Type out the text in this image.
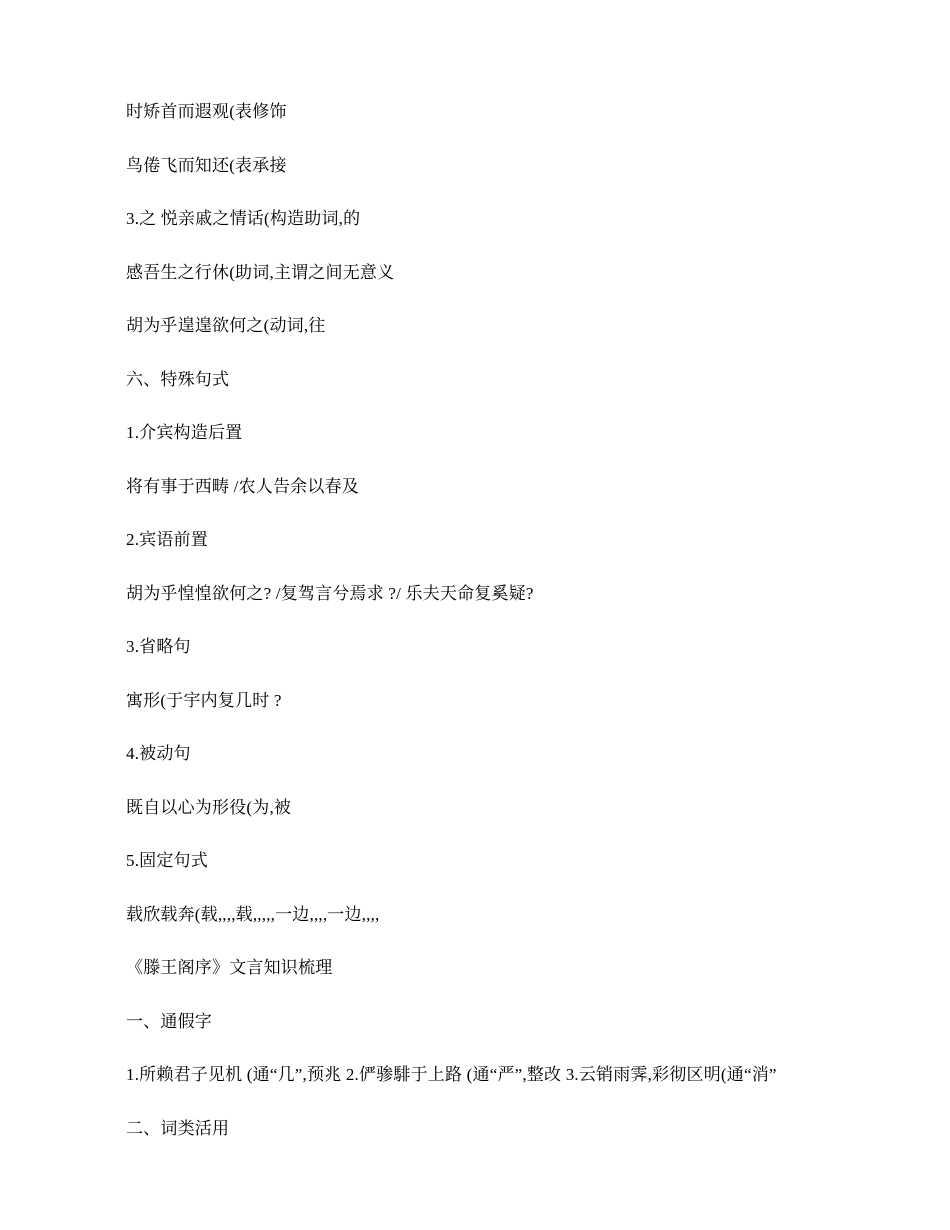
时矫首而遐观(表修饰
鸟倦飞而知还(表承接
3.之 悦亲戚之情话(构造助词,的
感吾生之行休(助词,主谓之间无意义
胡为乎遑遑欲何之(动词,往
六、特殊句式
1.介宾构造后置
将有事于西畴 /农人告余以春及
2.宾语前置
胡为乎惶惶欲何之? /复驾言兮焉求 ?/ 乐夫天命复奚疑?
3.省略句
寓形(于宇内复几时 ?
4.被动句
既自以心为形役(为,被
5.固定句式
载欣载奔(载,,,,载,,,,,一边,,,,一边,,,,
《滕王阁序》文言知识梳理
一、通假字
1.所赖君子见机 (通“几”,预兆 2.俨骖騑于上路 (通“严”,整改 3.云销雨霁,彩彻区明(通“消”
二、词类活用
